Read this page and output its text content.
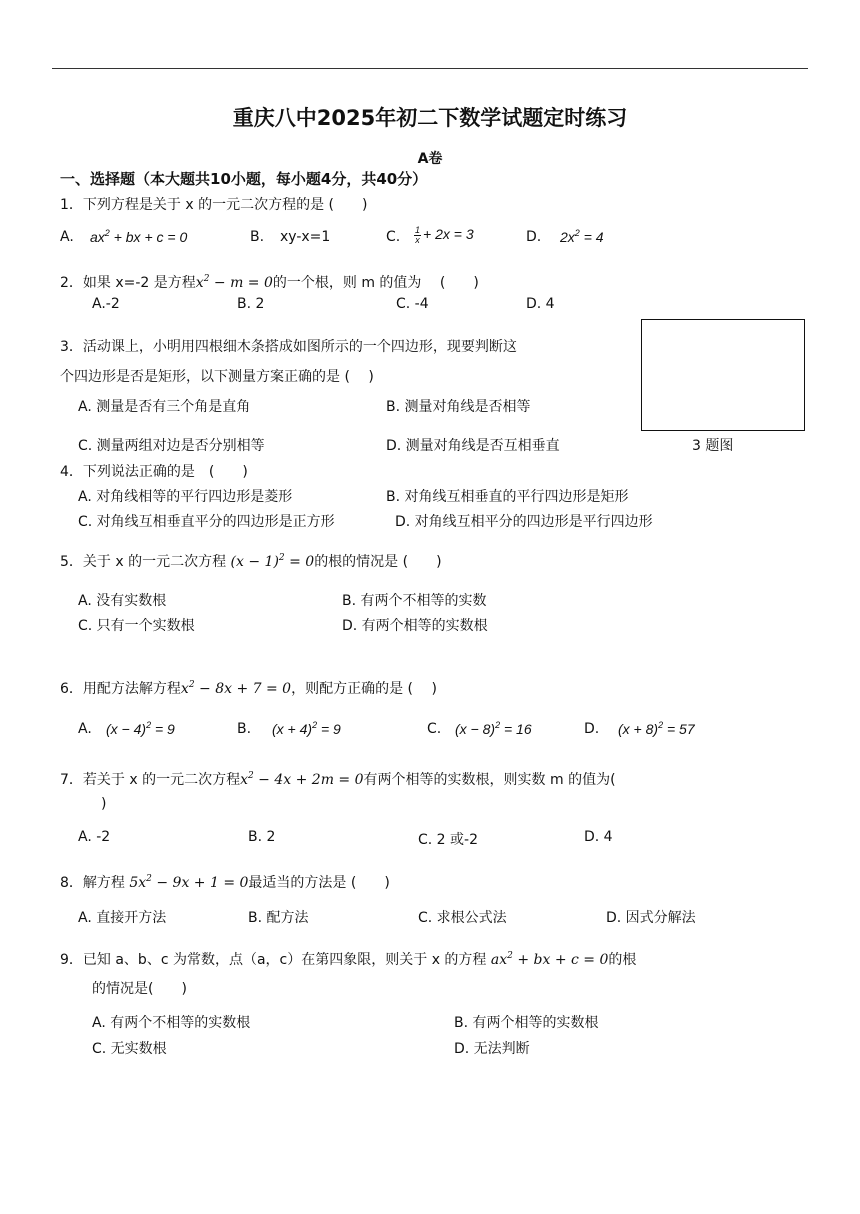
重庆八中2025年初二下数学试题定时练习
A卷
一、选择题（本大题共10小题，每小题4分，共40分）
1．下列方程是关于 x 的一元二次方程的是 (　　)
A. $ax^2$ + bx + c = 0	B. xy-x=1	C. $\frac{1}{x} + 2x = 3$	D. $2x^2 = 4$
2．如果 x=-2 是方程$x^2 - m = 0$的一个根，则 m 的值为　 (　　)
A.-2	B. 2	C. -4	D. 4
3．活动课上，小明用四根细木条搭成如图所示的一个四边形，现要判断这
个四边形是否是矩形，以下测量方案正确的是 (　 )
A. 测量是否有三个角是直角	B. 测量对角线是否相等
C. 测量两组对边是否分别相等	D. 测量对角线是否互相垂直	3 题图
4．下列说法正确的是　(　　)
A. 对角线相等的平行四边形是菱形	B. 对角线互相垂直的平行四边形是矩形
C. 对角线互相垂直平分的四边形是正方形	D. 对角线互相平分的四边形是平行四边形
5．关于 x 的一元二次方程 $(x - 1)^2 = 0$的根的情况是 (　　)
A. 没有实数根	B. 有两个不相等的实数
C. 只有一个实数根	D. 有两个相等的实数根
6．用配方法解方程$x^2 - 8x + 7 = 0$，则配方正确的是 (　 )
A. $(x - 4)^2 = 9$	B. $(x + 4)^2 = 9$	C. $(x - 8)^2 = 16$	D. $(x + 8)^2 = 57$
7．若关于 x 的一元二次方程$x^2 - 4x + 2m = 0$有两个相等的实数根，则实数 m 的值为(
)
A. -2	B. 2	C. 2 或-2	D. 4
8．解方程 $5x^2 - 9x + 1 = 0$最适当的方法是 (　　)
A. 直接开方法	B. 配方法	C. 求根公式法	D. 因式分解法
9．已知 a、b、c 为常数，点（a，c）在第四象限，则关于 x 的方程 $ax^2$ + bx + c = 0的根
的情况是(　　)
A. 有两个不相等的实数根	B. 有两个相等的实数根
C. 无实数根	D. 无法判断
